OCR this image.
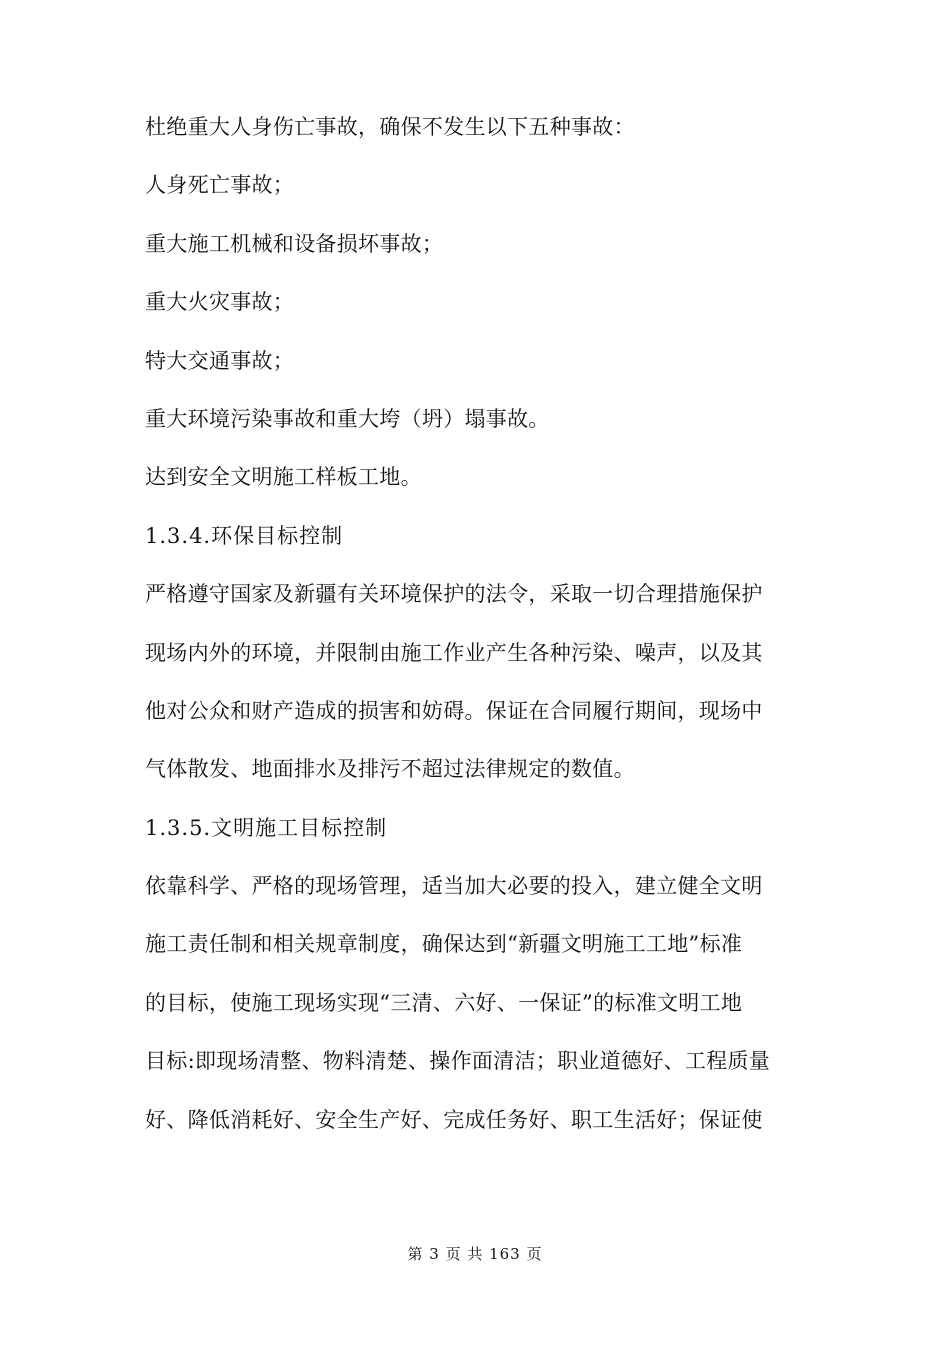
杜绝重大人身伤亡事故，确保不发生以下五种事故：
人身死亡事故；
重大施工机械和设备损坏事故；
重大火灾事故；
特大交通事故；
重大环境污染事故和重大垮（坍）塌事故。
达到安全文明施工样板工地。
1.3.4.环保目标控制
严格遵守国家及新疆有关环境保护的法令，采取一切合理措施保护
现场内外的环境，并限制由施工作业产生各种污染、噪声，以及其
他对公众和财产造成的损害和妨碍。保证在合同履行期间，现场中
气体散发、地面排水及排污不超过法律规定的数值。
1.3.5.文明施工目标控制
依靠科学、严格的现场管理，适当加大必要的投入，建立健全文明
施工责任制和相关规章制度，确保达到“新疆文明施工工地”标准
的目标，使施工现场实现“三清、六好、一保证”的标准文明工地
目标:即现场清整、物料清楚、操作面清洁；职业道德好、工程质量
好、降低消耗好、安全生产好、完成任务好、职工生活好；保证使
第 3 页 共 163 页
